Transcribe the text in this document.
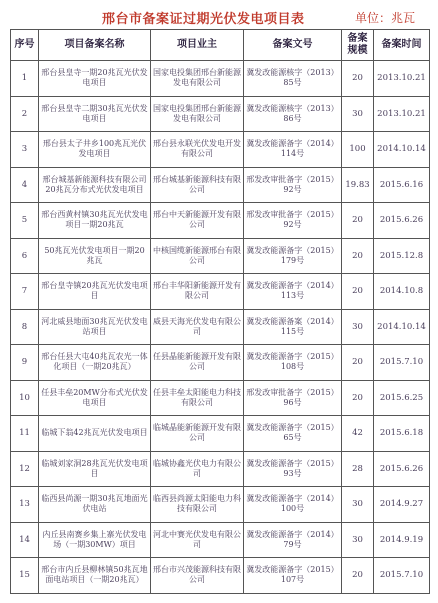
邢台市备案证过期光伏发电项目表	单位：兆瓦
序号	项目备案名称	项目业主	备案文号	备案规模	备案时间
1	邢台县皇寺一期20兆瓦光伏发电项目	国家电投集团邢台新能源发电有限公司	冀发改能源核字（2013）85号	20	2013.10.21
2	邢台县皇寺二期30兆瓦光伏发电项目	国家电投集团邢台新能源发电有限公司	冀发改能源核字（2013）86号	30	2013.10.21
3	邢台县太子井乡100兆瓦光伏发电项目	邢台县永联光伏发电开发有限公司	冀发改能源备字（2014）114号	100	2014.10.14
4	邢台城基新能源科技有限公司20兆瓦分布式光伏发电项目	邢台城基新能源科技有限公司	邢发改审批备字（2015）92号	19.83	2015.6.16
5	邢台西黄村镇30兆瓦光伏发电项目一期20兆瓦	邢台中天新能源开发有限公司	邢发改审批备字（2015）92号	20	2015.6.26
6	50兆瓦光伏发电项目一期20兆瓦	中核国缆新能源邢台有限公司	冀发改能源备字（2015）179号	20	2015.12.8
7	邢台皇寺镇20兆瓦光伏发电项目	邢台丰华阳新能源开发有限公司	冀发改能源备字（2014）113号	20	2014.10.8
8	河北威县地面30兆瓦光伏发电站项目	威县天海光伏发电有限公司	冀发改能源备案（2014）115号	30	2014.10.14
9	邢台任县大屯40兆瓦农光一体化项目（一期20兆瓦）	任县晶能新能源开发有限公司	冀发改能源备字（2015）108号	20	2015.7.10
10	任县丰垒20MW分布式光伏发电项目	任县丰垒太阳能电力科技有限公司	邢发改审批备字（2015）96号	20	2015.6.25
11	临城下翁42兆瓦光伏发电项目	临城晶能新能源开发有限公司	冀发改能源备字（2015）65号	42	2015.6.18
12	临城刘家洞28兆瓦光伏发电项目	临城协鑫光伏电力有限公司	冀发改能源备字（2015）93号	28	2015.6.26
13	临西县尚源一期30兆瓦地面光伏电站	临西县尚源太阳能电力科技有限公司	冀发改能源备字（2014）100号	30	2014.9.27
14	内丘县南赛乡集上寨光伏发电场（一期30MW）项目	河北中赛光伏发电有限公司	冀发改能源备字（2014）79号	30	2014.9.19
15	邢台市内丘县柳林镇50兆瓦地面电站项目（一期20兆瓦）	邢台市兴茂能源科技有限公司	冀发改能源备字（2015）107号	20	2015.7.10
